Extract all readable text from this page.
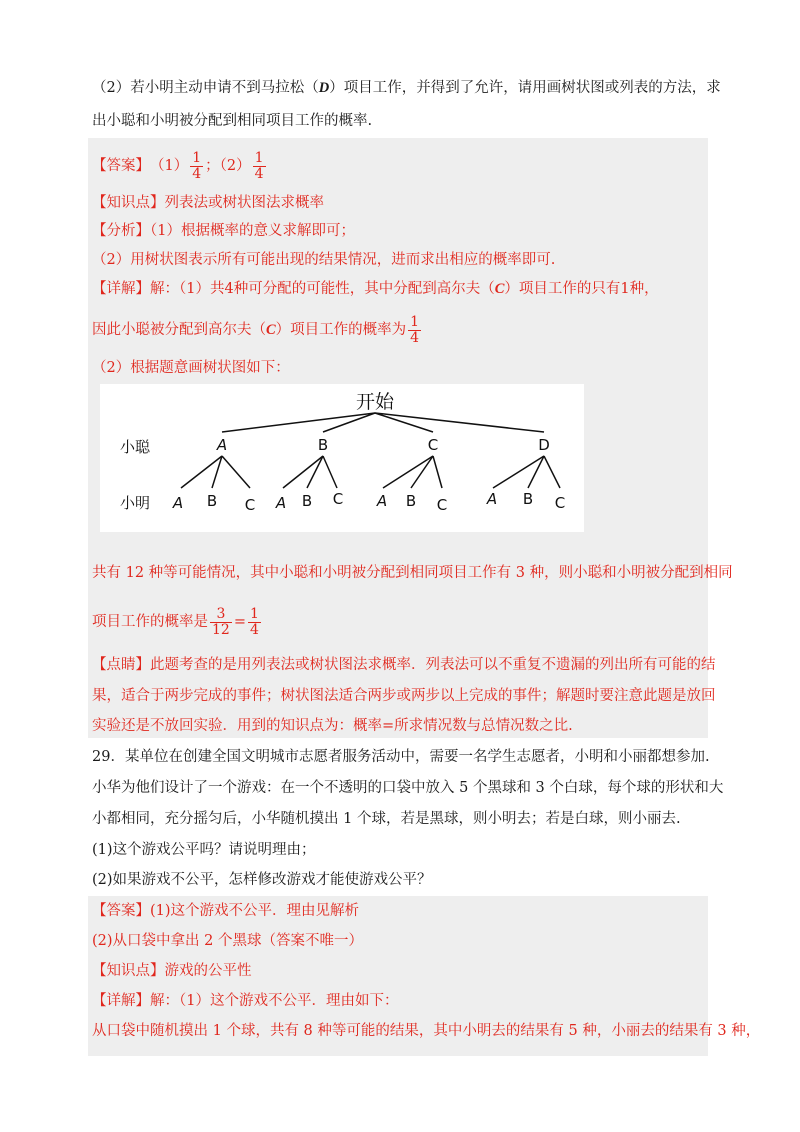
（2）若小明主动申请不到马拉松（D）项目工作，并得到了允许，请用画树状图或列表的方法，求
出小聪和小明被分配到相同项目工作的概率.
【答案】 $(1) \frac{1}{4}$ ；$(2) \frac{1}{4}$
【知识点】列表法或树状图法求概率
【分析】（1）根据概率的意义求解即可；
（2）用树状图表示所有可能出现的结果情况，进而求出相应的概率即可.
【详解】解：（1）共4种可分配的可能性，其中分配到高尔夫（C）项目工作的只有1种，
因此小聪被分配到高尔夫（ C ）项目工作的概率为 $\frac{1}{4}$
（2）根据题意画树状图如下：
开始
小聪
小明
A	B	C	D
A B C A B C A B C	A B C
共有 12 种等可能情况，其中小聪和小明被分配到相同项目工作有 3 种，则小聪和小明被分配到相同
项目工作的概率是 $\frac{3}{12} = \frac{1}{4}$
【点睛】此题考查的是用列表法或树状图法求概率．列表法可以不重复不遗漏的列出所有可能的结
果，适合于两步完成的事件；树状图法适合两步或两步以上完成的事件；解题时要注意此题是放回
实验还是不放回实验．用到的知识点为：概率=所求情况数与总情况数之比.
29．某单位在创建全国文明城市志愿者服务活动中，需要一名学生志愿者，小明和小丽都想参加.
小华为他们设计了一个游戏：在一个不透明的口袋中放入 5 个黑球和 3 个白球，每个球的形状和大
小都相同，充分摇匀后，小华随机摸出 1 个球，若是黑球，则小明去；若是白球，则小丽去.
(1)这个游戏公平吗？请说明理由；
(2)如果游戏不公平，怎样修改游戏才能使游戏公平？
【答案】(1)这个游戏不公平．理由见解析
(2)从口袋中拿出 2 个黑球（答案不唯一）
【知识点】游戏的公平性
【详解】解：（1）这个游戏不公平．理由如下：
从口袋中随机摸出 1 个球，共有 8 种等可能的结果，其中小明去的结果有 5 种，小丽去的结果有 3 种，
